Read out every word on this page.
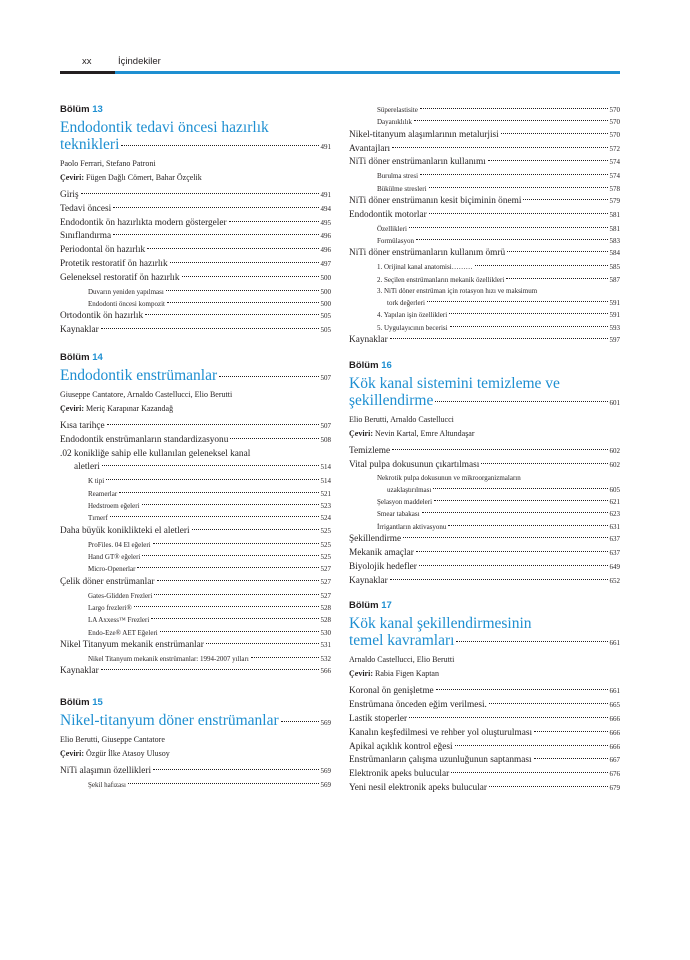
xx	İçindekiler
Bölüm 13
Endodontik tedavi öncesi hazırlık
teknikleri	491
Paolo Ferrari, Stefano Patroni
Çeviri: Fügen Dağlı Cömert, Bahar Özçelik
Giriş	491
Tedavi öncesi	494
Endodontik ön hazırlıkta modern göstergeler	495
Sınıflandırma	496
Periodontal ön hazırlık	496
Protetik restoratif ön hazırlık	497
Geleneksel restoratif ön hazırlık	500
Duvarın yeniden yapılması	500
Endodonti öncesi kompozit	500
Ortodontik ön hazırlık	505
Kaynaklar	505
Bölüm 14
Endodontik enstrümanlar	507
Giuseppe Cantatore, Arnaldo Castellucci, Elio Berutti
Çeviri: Meriç Karapınar Kazandağ
Kısa tarihçe	507
Endodontik enstrümanların standardizasyonu	508
.02 konikliğe sahip elle kullanılan geleneksel kanal
aletleri	514
K tipi	514
Reamerlar	521
Hedstroem eğeleri	523
Tırnerf	524
Daha büyük koniklikteki el aletleri	525
ProFiles. 04 El eğeleri	525
Hand GT® eğeleri	525
Micro-Openerlar	527
Çelik döner enstrümanlar	527
Gates-Glidden Frezleri	527
Largo frezleri®	528
LA Axxess™ Frezleri	528
Endo-Eze® AET Eğeleri	530
Nikel Titanyum mekanik enstrümanlar	531
Nikel Titanyum mekanik enstrümanlar: 1994-2007 yılları	532
Kaynaklar	566
Bölüm 15
Nikel-titanyum döner enstrümanlar	569
Elio Berutti, Giuseppe Cantatore
Çeviri: Özgür İlke Atasoy Ulusoy
NiTi alaşımın özellikleri	569
Şekil hafızası	569
Süperelastisite	570
Dayanıklılık	570
Nikel-titanyum alaşımlarının metalurjisi	570
Avantajları	572
NiTi döner enstrümanların kullanımı	574
Burulma stresi	574
Bükülme stresleri	578
NiTi döner enstrümanın kesit biçiminin önemi	579
Endodontik motorlar	581
Özellikleri	581
Formülasyon	583
NiTi döner enstrümanların kullanım ömrü	584
1. Orijinal kanal anatomisi………	585
2. Seçilen enstrümanların mekanik özellikleri	587
3. NiTi döner enstrüman için rotasyon hızı ve maksimum
tork değerleri	591
4. Yapılan işin özellikleri	591
5. Uygulayıcının becerisi	593
Kaynaklar	597
Bölüm 16
Kök kanal sistemini temizleme ve
şekillendirme	601
Elio Berutti, Arnaldo Castellucci
Çeviri: Nevin Kartal, Emre Altundaşar
Temizleme	602
Vital pulpa dokusunun çıkartılması	602
Nekrotik pulpa dokusunun ve mikroorganizmaların
uzaklaştırılması	605
Şelasyon maddeleri	621
Smear tabakası	623
İrrigantların aktivasyonu	631
Şekillendirme	637
Mekanik amaçlar	637
Biyolojik hedefler	649
Kaynaklar	652
Bölüm 17
Kök kanal şekillendirmesinin
temel kavramları	661
Arnaldo Castellucci, Elio Berutti
Çeviri: Rabia Figen Kaptan
Koronal ön genişletme	661
Enstrümana önceden eğim verilmesi.	665
Lastik stoperler	666
Kanalın keşfedilmesi ve rehber yol oluşturulması	666
Apikal açıklık kontrol eğesi	666
Enstrümanların çalışma uzunluğunun saptanması	667
Elektronik apeks bulucular	676
Yeni nesil elektronik apeks bulucular	679
